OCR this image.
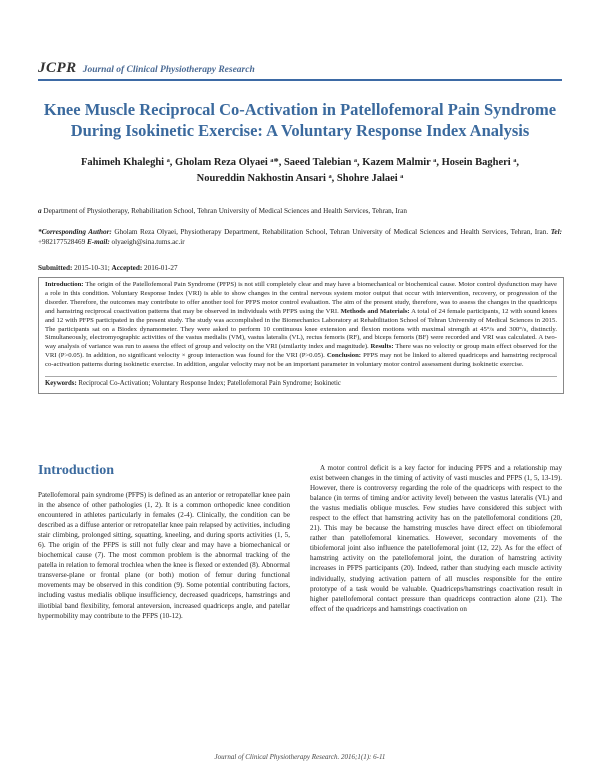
JCPR Journal of Clinical Physiotherapy Research
Knee Muscle Reciprocal Co-Activation in Patellofemoral Pain Syndrome During Isokinetic Exercise: A Voluntary Response Index Analysis
Fahimeh Khaleghi ᵃ, Gholam Reza Olyaei ᵃ*, Saeed Talebian ᵃ, Kazem Malmir ᵃ, Hosein Bagheri ᵃ, Noureddin Nakhostin Ansari ᵃ, Shohre Jalaei ᵃ
a Department of Physiotherapy, Rehabilitation School, Tehran University of Medical Sciences and Health Services, Tehran, Iran
*Corresponding Author: Gholam Reza Olyaei, Physiotherapy Department, Rehabilitation School, Tehran University of Medical Sciences and Health Services, Tehran, Iran. Tel: +982177528469 E-mail: olyaeigh@sina.tums.ac.ir
Submitted: 2015-10-31; Accepted: 2016-01-27
Introduction: The origin of the Patellofemoral Pain Syndrome (PFPS) is not still completely clear and may have a biomechanical or biochemical cause. Motor control dysfunction may have a role in this condition. Voluntary Response Index (VRI) is able to show changes in the central nervous system motor output that occur with intervention, recovery, or progression of the disorder. Therefore, the outcomes may contribute to offer another tool for PFPS motor control evaluation. The aim of the present study, therefore, was to assess the changes in the quadriceps and hamstring reciprocal coactivation patterns that may be observed in individuals with PFPS using the VRI. Methods and Materials: A total of 24 female participants, 12 with sound knees and 12 with PFPS participated in the present study. The study was accomplished in the Biomechanics Laboratory at Rehabilitation School of Tehran University of Medical Sciences in 2015. The participants sat on a Biodex dynamometer. They were asked to perform 10 continuous knee extension and flexion motions with maximal strength at 45°/s and 300°/s, distinctly. Simultaneously, electromyographic activities of the vastus medialis (VM), vastus lateralis (VL), rectus femoris (RF), and biceps femoris (BF) were recorded and VRI was calculated. A two-way analysis of variance was run to assess the effect of group and velocity on the VRI (similarity index and magnitude). Results: There was no velocity or group main effect observed for the VRI (P>0.05). In addition, no significant velocity × group interaction was found for the VRI (P>0.05). Conclusion: PFPS may not be linked to altered quadriceps and hamstring reciprocal co-activation patterns during isokinetic exercise. In addition, angular velocity may not be an important parameter in voluntary motor control assessment during isokinetic exercise.
Keywords: Reciprocal Co-Activation; Voluntary Response Index; Patellofemoral Pain Syndrome; Isokinetic
Introduction

Patellofemoral pain syndrome (PFPS) is defined as an anterior or retropatellar knee pain in the absence of other pathologies (1, 2). It is a common orthopedic knee condition encountered in athletes particularly in females (2-4). Clinically, the condition can be described as a diffuse anterior or retropatellar knee pain relapsed by activities, including stair climbing, prolonged sitting, squatting, kneeling, and during sports activities (1, 5, 6). The origin of the PFPS is still not fully clear and may have a biomechanical or biochemical cause (7). The most common problem is the abnormal tracking of the patella in relation to femoral trochlea when the knee is flexed or extended (8). Abnormal transverse-plane or frontal plane (or both) motion of femur during functional movements may be observed in this condition (9). Some potential contributing factors, including vastus medialis oblique insufficiency, decreased quadriceps, hamstrings and iliotibial band flexibility, femoral anteversion, increased quadriceps angle, and patellar hypermobility may contribute to the PFPS (10-12).

A motor control deficit is a key factor for inducing PFPS and a relationship may exist between changes in the timing of activity of vasti muscles and PFPS (1, 5, 13-19). However, there is controversy regarding the role of the quadriceps with respect to the balance (in terms of timing and/or activity level) between the vastus lateralis (VL) and the vastus medialis oblique muscles. Few studies have considered this subject with respect to the effect that hamstring activity has on the patellofemoral conditions (20, 21). This may be because the hamstring muscles have direct effect on tibiofemoral rather than patellofemoral kinematics. However, secondary movements of the tibiofemoral joint also influence the patellofemoral joint (12, 22). As for the effect of hamstring activity on the patellofemoral joint, the duration of hamstring activity increases in PFPS participants (20). Indeed, rather than studying each muscle activity individually, studying activation pattern of all muscles responsible for the entire prototype of a task would be valuable. Quadriceps/hamstrings coactivation result in higher patellofemoral contact pressure than quadriceps contraction alone (21). The effect of the quadriceps and hamstrings coactivation on

Journal of Clinical Physiotherapy Research. 2016;1(1): 6-11
